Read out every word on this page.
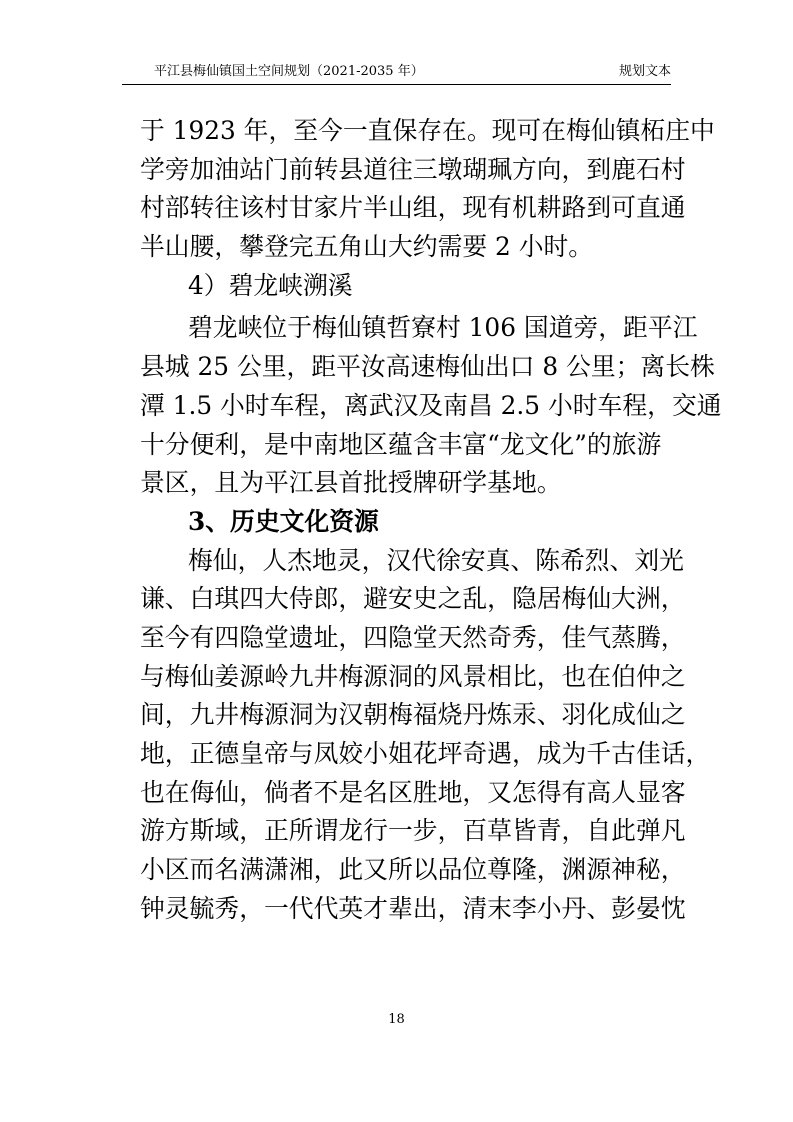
平江县梅仙镇国土空间规划（2021-2035 年）	规划文本
于 1923 年，至今一直保存在。现可在梅仙镇柘庄中
学旁加油站门前转县道往三墩瑚珮方向，到鹿石村
村部转往该村甘家片半山组，现有机耕路到可直通
半山腰，攀登完五角山大约需要 2 小时。
4）碧龙峡溯溪
碧龙峡位于梅仙镇哲寮村 106 国道旁，距平江
县城 25 公里，距平汝高速梅仙出口 8 公里；离长株
潭 1.5 小时车程，离武汉及南昌 2.5 小时车程，交通
十分便利，是中南地区蕴含丰富“龙文化”的旅游
景区，且为平江县首批授牌研学基地。
3、历史文化资源
梅仙，人杰地灵，汉代徐安真、陈希烈、刘光
谦、白琪四大侍郎，避安史之乱，隐居梅仙大洲，
至今有四隐堂遗址，四隐堂天然奇秀，佳气蒸腾，
与梅仙姜源岭九井梅源洞的风景相比，也在伯仲之
间，九井梅源洞为汉朝梅福烧丹炼汞、羽化成仙之
地，正德皇帝与凤姣小姐花坪奇遇，成为千古佳话，
也在侮仙，倘者不是名区胜地，又怎得有高人显客
游方斯域，正所谓龙行一步，百草皆青，自此弹凡
小区而名满潇湘，此又所以品位尊隆，渊源神秘，
钟灵毓秀，一代代英才辈出，清末李小丹、彭晏忱
18
